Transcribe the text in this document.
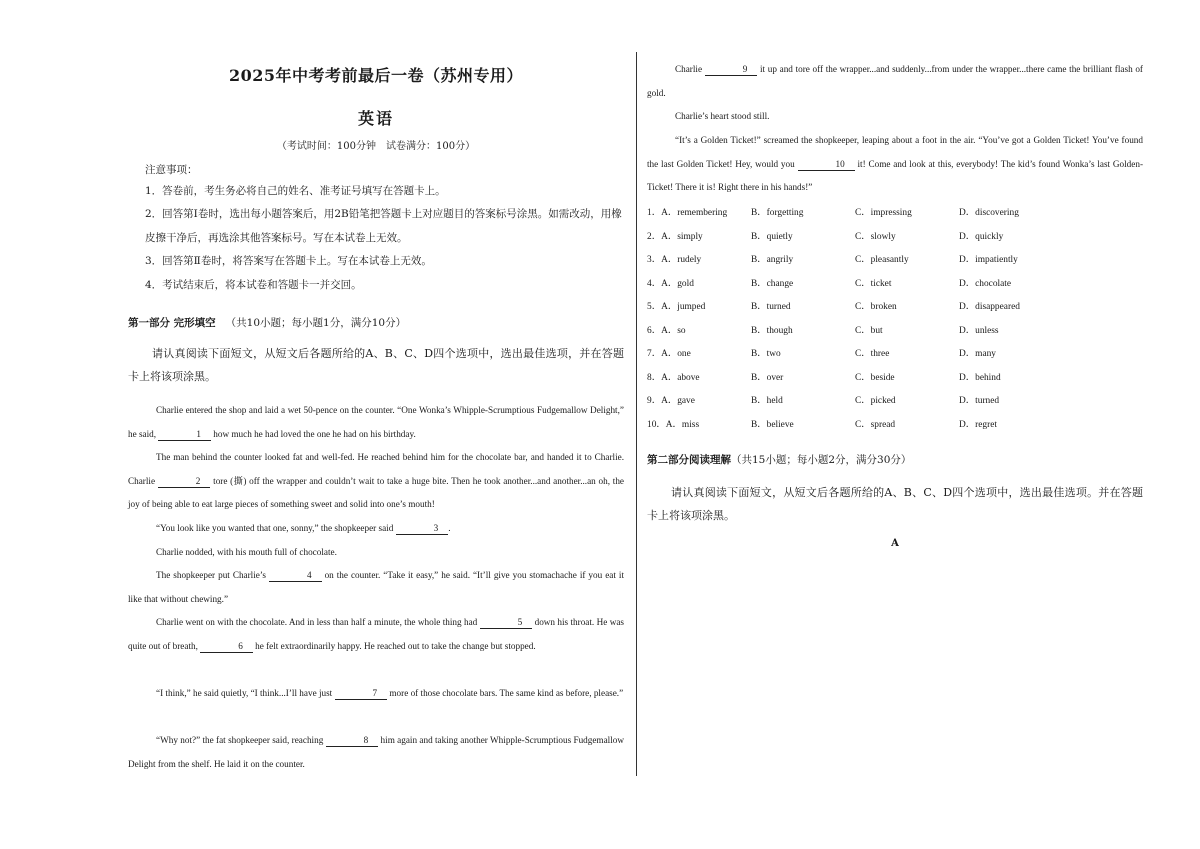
2025年中考考前最后一卷（苏州专用）
英语
（考试时间：100分钟　试卷满分：100分）
注意事项：
1．答卷前，考生务必将自己的姓名、准考证号填写在答题卡上。
2．回答第Ⅰ卷时，选出每小题答案后，用2B铅笔把答题卡上对应题目的答案标号涂黑。如需改动，用橡皮擦干净后，再选涂其他答案标号。写在本试卷上无效。
3．回答第Ⅱ卷时，将答案写在答题卡上。写在本试卷上无效。
4．考试结束后，将本试卷和答题卡一并交回。
第一部分 完形填空 （共10小题；每小题1分，满分10分）
请认真阅读下面短文，从短文后各题所给的A、B、C、D四个选项中，选出最佳选项，并在答题卡上将该项涂黑。
Charlie entered the shop and laid a wet 50-pence on the counter. “One Wonka’s Whipple-Scrumptious Fudgemallow Delight,” he said,	1 how much he had loved the one he had on his birthday.
The man behind the counter looked fat and well-fed. He reached behind him for the chocolate bar, and handed it to Charlie. Charlie	2 tore (撕) off the wrapper and couldn’t wait to take a huge bite. Then he took another...and another...an oh, the joy of being able to eat large pieces of something sweet and solid into one’s mouth!
“You look like you wanted that one, sonny,” the shopkeeper said	3 .
Charlie nodded, with his mouth full of chocolate.
The shopkeeper put Charlie’s	4 on the counter. “Take it easy,” he said. “It’ll give you stomachache if you eat it like that without chewing.”
Charlie went on with the chocolate. And in less than half a minute, the whole thing had	5 down his throat. He was quite out of breath,	6 he felt extraordinarily happy. He reached out to take the change but stopped.
“I think,” he said quietly, “I think...I’ll have just	7 more of those chocolate bars. The same kind as before, please.”
“Why not?” the fat shopkeeper said, reaching	8 him again and taking another Whipple-Scrumptious Fudgemallow Delight from the shelf. He laid it on the counter.
Charlie	9 it up and tore off the wrapper...and suddenly...from under the wrapper...there came the brilliant flash of gold.
Charlie’s heart stood still.
“It’s a Golden Ticket!” screamed the shopkeeper, leaping about a foot in the air. “You’ve got a Golden Ticket! You’ve found the last Golden Ticket! Hey, would you	10 it! Come and look at this, everybody! The kid’s found Wonka’s last Golden-Ticket! There it is! Right there in his hands!”
1．A．remembering	B．forgetting	C．impressing	D．discovering
2．A．simply	B．quietly	C．slowly	D．quickly
3．A．rudely	B．angrily	C．pleasantly	D．impatiently
4．A．gold	B．change	C．ticket	D．chocolate
5．A．jumped	B．turned	C．broken	D．disappeared
6．A．so	B．though	C．but	D．unless
7．A．one	B．two	C．three	D．many
8．A．above	B．over	C．beside	D．behind
9．A．gave	B．held	C．picked	D．turned
10．A．miss	B．believe	C．spread	D．regret
第二部分阅读理解（共15小题；每小题2分，满分30分）
请认真阅读下面短文，从短文后各题所给的A、B、C、D四个选项中，选出最佳选项。并在答题卡上将该项涂黑。
A
